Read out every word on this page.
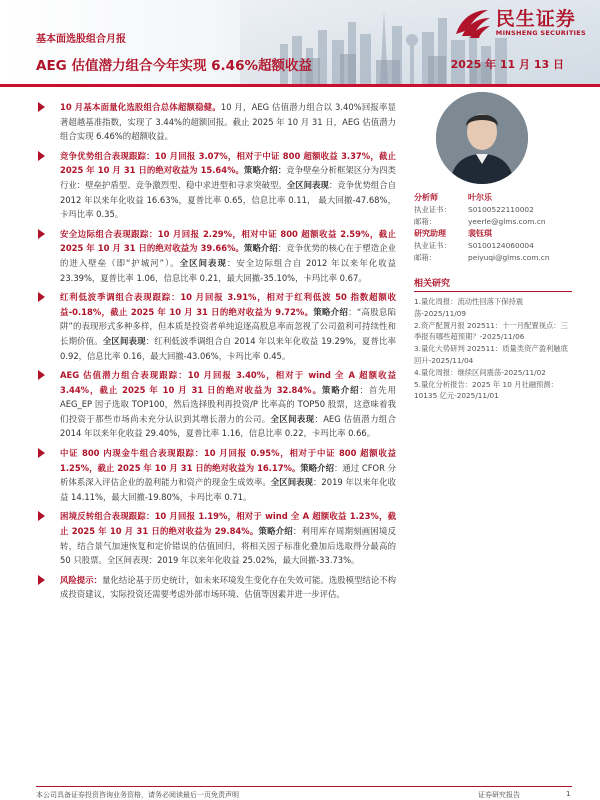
民生证券
MINSHENG SECURITIES
基本面选股组合月报
AEG 估值潜力组合今年实现 6.46%超额收益	2025 年 11 月 13 日
10 月基本面量化选股组合总体超额稳健。10 月，AEG 估值潜力组合以 3.40%回报率显著超越基准指数，实现了 3.44%的超额回报。截止 2025 年 10 月 31 日，AEG 估值潜力组合实现 6.46%的超额收益。
竞争优势组合表现跟踪：10 月回报 3.07%，相对于中证 800 超额收益 3.37%，截止 2025 年 10 月 31 日的绝对收益为 15.64%。策略介绍：竞争壁垒分析框架区分为四类行业：壁垒护盾型、竞争激烈型、稳中求进型和寻求突破型。全区间表现：竞争优势组合自 2012 年以来年化收益 16.63%，夏普比率 0.65，信息比率 0.11， 最大回撤-47.68%，卡玛比率 0.35。
安全边际组合表现跟踪：10 月回报 2.29%，相对中证 800 超额收益 2.59%，截止 2025 年 10 月 31 日的绝对收益为 39.66%。策略介绍：竞争优势的核心在于塑造企业的进入壁垒（即“护城河”）。全区间表现：安全边际组合自 2012 年以来年化收益 23.39%，夏普比率 1.06，信息比率 0.21，最大回撤-35.10%，卡玛比率 0.67。
红利低波季调组合表现跟踪：10 月回报 3.91%，相对于红利低波 50 指数超额收益-0.18%，截止 2025 年 10 月 31 日的绝对收益为 9.72%。策略介绍：“高股息陷阱”的表现形式多种多样，但本质是投资者单纯追逐高股息率而忽视了公司盈利可持续性和长期价值。全区间表现：红利低波季调组合自 2014 年以来年化收益 19.29%，夏普比率 0.92，信息比率 0.16，最大回撤-43.06%，卡玛比率 0.45。
AEG 估值潜力组合表现跟踪：10 月回报 3.40%，相对于 wind 全 A 超额收益 3.44%，截止 2025 年 10 月 31 日的绝对收益为 32.84%。策略介绍：首先用 AEG_EP 因子选取 TOP100，然后选择股利再投资/P 比率高的 TOP50 股票，这意味着我们投资于那些市场尚未充分认识到其增长潜力的公司。全区间表现：AEG 估值潜力组合 2014 年以来年化收益 29.40%，夏普比率 1.16，信息比率 0.22，卡玛比率 0.66。
中证 800 内现金牛组合表现跟踪：10 月回报 0.95%，相对于中证 800 超额收益 1.25%，截止 2025 年 10 月 31 日的绝对收益为 16.17%。策略介绍：通过 CFOR 分析体系深入评估企业的盈利能力和资产的现金生成效率。全区间表现：2019 年以来年化收益 14.11%，最大回撤-19.80%，卡玛比率 0.71。
困境反转组合表现跟踪：10 月回报 1.19%，相对于 wind 全 A 超额收益 1.23%，截止 2025 年 10 月 31 日的绝对收益为 29.84%。策略介绍：利用库存周期刻画困境反转，结合景气加速恢复和定价错误的估值回归，将相关因子标准化叠加后选取得分最高的 50 只股票。全区间表现：2019 年以来年化收益 25.02%，最大回撤-33.73%。
风险提示：量化结论基于历史统计，如未来环境发生变化存在失效可能。选股模型结论不构成投资建议，实际投资还需要考虑外部市场环境、估值等因素并进一步评估。
分析师	叶尔乐
执业证书：	S0100522110002
邮箱：	yeerle@glms.com.cn
研究助理	裴钰琪
执业证书：	S0100124060004
邮箱：	peiyuqi@glms.com.cn
相关研究
1.量化周报：流动性回落下保持震荡-2025/11/09
2.资产配置月报 202511：十一月配置视点：三季报有哪些超预期？-2025/11/06
3.量化大势研判 202511：质量类资产盈利触底回升-2025/11/04
4.量化周报：继续区间震荡-2025/11/02
5.量化分析报告：2025 年 10 月社融预测：10135 亿元-2025/11/01
本公司具备证券投资咨询业务资格，请务必阅读最后一页免责声明	证券研究报告	1
